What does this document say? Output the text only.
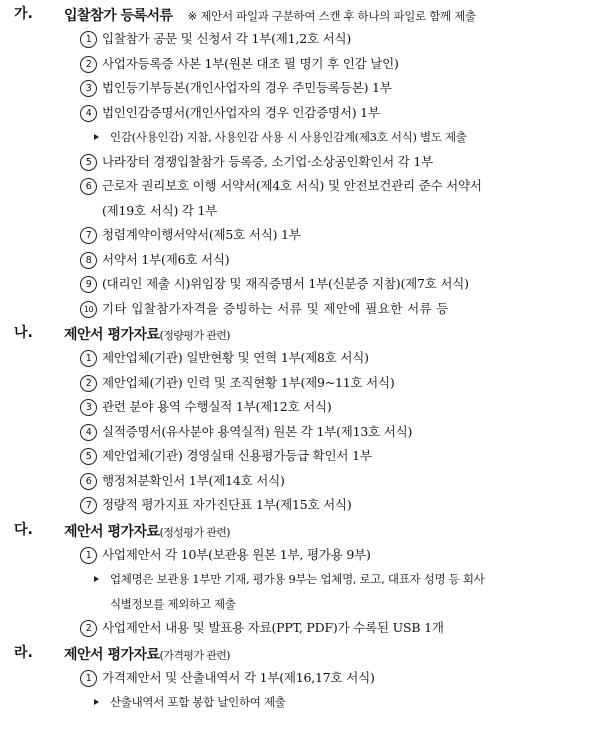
가. 입찰참가 등록서류 ※ 제안서 파일과 구분하여 스캔 후 하나의 파일로 함께 제출
1 입찰참가 공문 및 신청서 각 1부(제1,2호 서식)
2 사업자등록증 사본 1부(원본 대조 필 명기 후 인감 날인)
3 법인등기부등본(개인사업자의 경우 주민등록등본) 1부
4 법인인감증명서(개인사업자의 경우 인감증명서) 1부
인감(사용인감) 지참, 사용인감 사용 시 사용인감계(제3호 서식) 별도 제출
5 나라장터 경쟁입찰참가 등록증, 소기업·소상공인확인서 각 1부
6 근로자 권리보호 이행 서약서(제4호 서식) 및 안전보건관리 준수 서약서
(제19호 서식) 각 1부
7 청렴계약이행서약서(제5호 서식) 1부
8 서약서 1부(제6호 서식)
9 (대리인 제출 시)위임장 및 재직증명서 1부(신분증 지참)(제7호 서식)
10 기타 입찰참가자격을 증빙하는 서류 및 제안에 필요한 서류 등
나. 제안서 평가자료(정량평가 관련)
1 제안업체(기관) 일반현황 및 연혁 1부(제8호 서식)
2 제안업체(기관) 인력 및 조직현황 1부(제9~11호 서식)
3 관련 분야 용역 수행실적 1부(제12호 서식)
4 실적증명서(유사분야 용역실적) 원본 각 1부(제13호 서식)
5 제안업체(기관) 경영실태 신용평가등급 확인서 1부
6 행정처분확인서 1부(제14호 서식)
7 정량적 평가지표 자가진단표 1부(제15호 서식)
다. 제안서 평가자료(정성평가 관련)
1 사업제안서 각 10부(보관용 원본 1부, 평가용 9부)
업체명은 보관용 1부만 기재, 평가용 9부는 업체명, 로고, 대표자 성명 등 회사
식별정보를 제외하고 제출
2 사업제안서 내용 및 발표용 자료(PPT, PDF)가 수록된 USB 1개
라. 제안서 평가자료(가격평가 관련)
1 가격제안서 및 산출내역서 각 1부(제16,17호 서식)
산출내역서 포함 봉합 날인하여 제출
